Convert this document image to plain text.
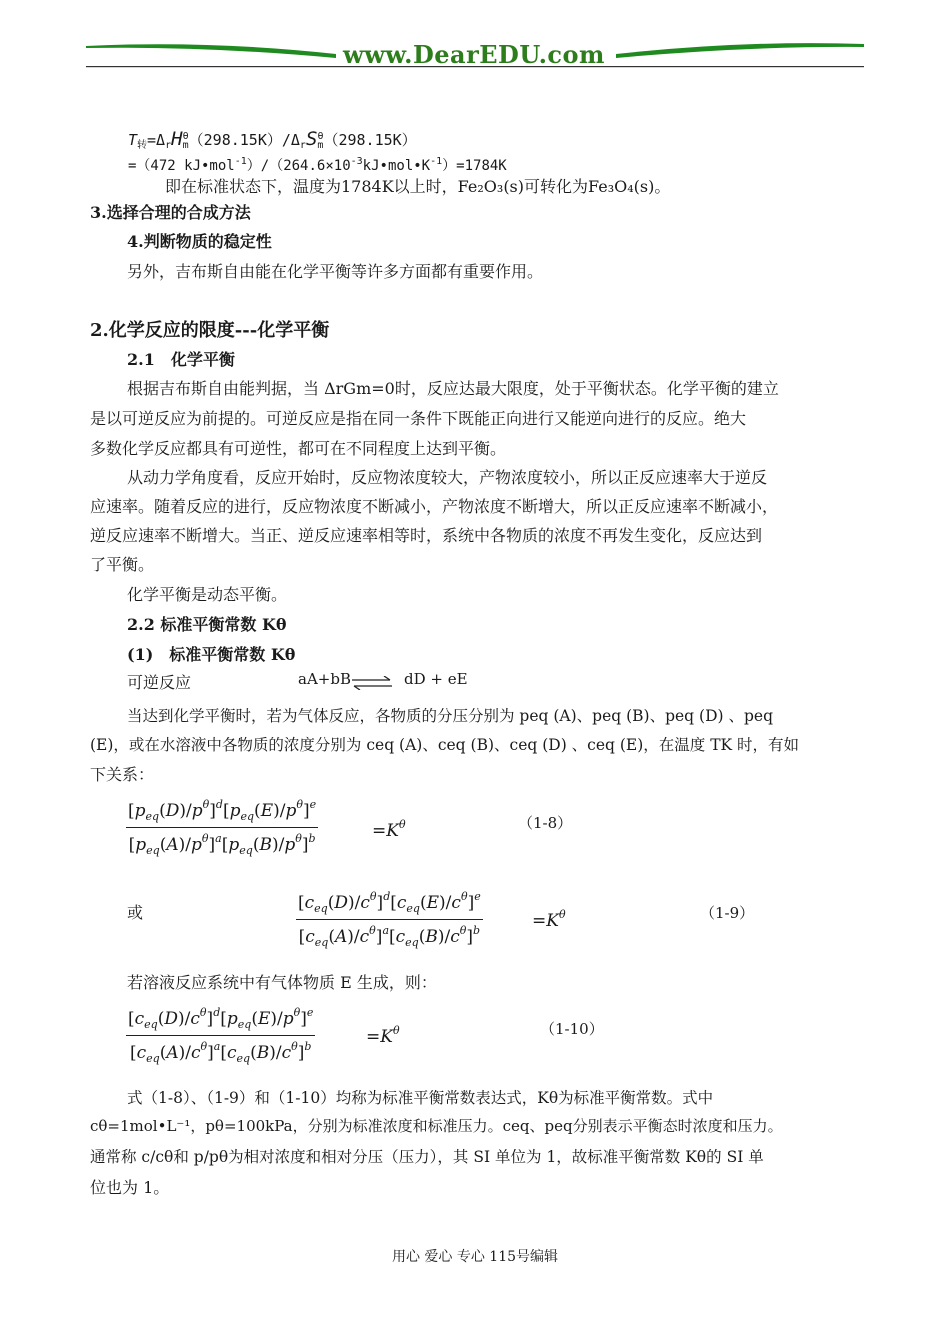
www.DearEDU.com
$T_转=\Delta_rH_m^\theta(298.15K)/\Delta_rS_m^\theta(298.15K)$
=（472 $kJ•mol^{-1})/(264.6\times 10^{-3}kJ•mol•K^{-1})=1784K$
即在标准状态下，温度为1784K以上时，Fe₂O₃(s)可转化为Fe₃O₄(s)。
3.选择合理的合成方法
4.判断物质的稳定性
另外，吉布斯自由能在化学平衡等许多方面都有重要作用。
2.化学反应的限度---化学平衡
2.1　化学平衡
根据吉布斯自由能判据，当 ΔrGm=0时，反应达最大限度，处于平衡状态。化学平衡的建立
是以可逆反应为前提的。可逆反应是指在同一条件下既能正向进行又能逆向进行的反应。绝大
多数化学反应都具有可逆性，都可在不同程度上达到平衡。
从动力学角度看，反应开始时，反应物浓度较大，产物浓度较小，所以正反应速率大于逆反
应速率。随着反应的进行，反应物浓度不断减小，产物浓度不断增大，所以正反应速率不断减小，
逆反应速率不断增大。当正、逆反应速率相等时，系统中各物质的浓度不再发生变化，反应达到
了平衡。
化学平衡是动态平衡。
2.2 标准平衡常数 Kθ
(1)　标准平衡常数 Kθ
可逆反应	aA+bB ⇌ dD + eE
当达到化学平衡时，若为气体反应，各物质的分压分别为 peq (A)、peq (B)、peq (D) 、peq
(E)，或在水溶液中各物质的浓度分别为 ceq (A)、ceq (B)、ceq (D) 、ceq (E)，在温度 TK 时，有如
下关系：
$[p_{eq}(D)/p^\theta]^d[p_{eq}(E)/p^\theta]^e$
$[p_{eq}(A)/p^\theta]^a[p_{eq}(B)/p^\theta]^b$	$=K^\theta$	（1-8）
或	$[c_{eq}(D)/c^\theta]^d[c_{eq}(E)/c^\theta]^e$
$[c_{eq}(A)/c^\theta]^a[c_{eq}(B)/c^\theta]^b$	$=K^\theta$	（1-9）
若溶液反应系统中有气体物质 E 生成，则：
$[c_{eq}(D)/c^\theta]^d[p_{eq}(E)/p^\theta]^e$
$[c_{eq}(A)/c^\theta]^a[c_{eq}(B)/c^\theta]^b$	$=K^\theta$	（1-10）
式（1-8）、（1-9）和（1-10）均称为标准平衡常数表达式，Kθ为标准平衡常数。式中
cθ=1mol•L⁻¹，pθ=100kPa，分别为标准浓度和标准压力。ceq、peq分别表示平衡态时浓度和压力。
通常称 c/cθ和 p/pθ为相对浓度和相对分压（压力），其 SI 单位为 1，故标准平衡常数 Kθ的 SI 单
位也为 1。
用心 爱心 专心 115号编辑
